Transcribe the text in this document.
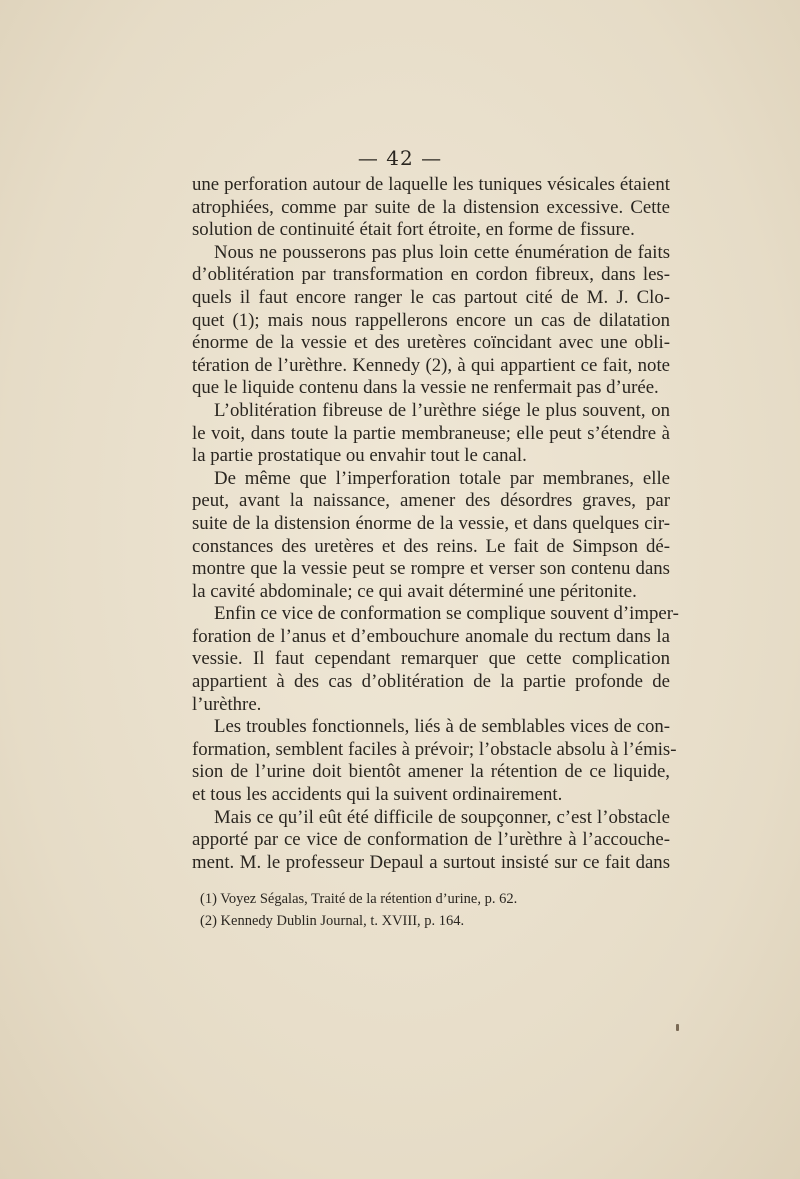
— 42 —
une perforation autour de laquelle les tuniques vésicales étaient
atrophiées, comme par suite de la distension excessive. Cette
solution de continuité était fort étroite, en forme de fissure.
Nous ne pousserons pas plus loin cette énumération de faits
d’oblitération par transformation en cordon fibreux, dans les-
quels il faut encore ranger le cas partout cité de M. J. Clo-
quet (1); mais nous rappellerons encore un cas de dilatation
énorme de la vessie et des uretères coïncidant avec une obli-
tération de l’urèthre. Kennedy (2), à qui appartient ce fait, note
que le liquide contenu dans la vessie ne renfermait pas d’urée.
L’oblitération fibreuse de l’urèthre siége le plus souvent, on
le voit, dans toute la partie membraneuse; elle peut s’étendre à
la partie prostatique ou envahir tout le canal.
De même que l’imperforation totale par membranes, elle
peut, avant la naissance, amener des désordres graves, par
suite de la distension énorme de la vessie, et dans quelques cir-
constances des uretères et des reins. Le fait de Simpson dé-
montre que la vessie peut se rompre et verser son contenu dans
la cavité abdominale; ce qui avait déterminé une péritonite.
Enfin ce vice de conformation se complique souvent d’imper-
foration de l’anus et d’embouchure anomale du rectum dans la
vessie. Il faut cependant remarquer que cette complication
appartient à des cas d’oblitération de la partie profonde de
l’urèthre.
Les troubles fonctionnels, liés à de semblables vices de con-
formation, semblent faciles à prévoir; l’obstacle absolu à l’émis-
sion de l’urine doit bientôt amener la rétention de ce liquide,
et tous les accidents qui la suivent ordinairement.
Mais ce qu’il eût été difficile de soupçonner, c’est l’obstacle
apporté par ce vice de conformation de l’urèthre à l’accouche-
ment. M. le professeur Depaul a surtout insisté sur ce fait dans
(1) Voyez Ségalas, Traité de la rétention d’urine, p. 62.
(2) Kennedy Dublin Journal, t. XVIII, p. 164.
